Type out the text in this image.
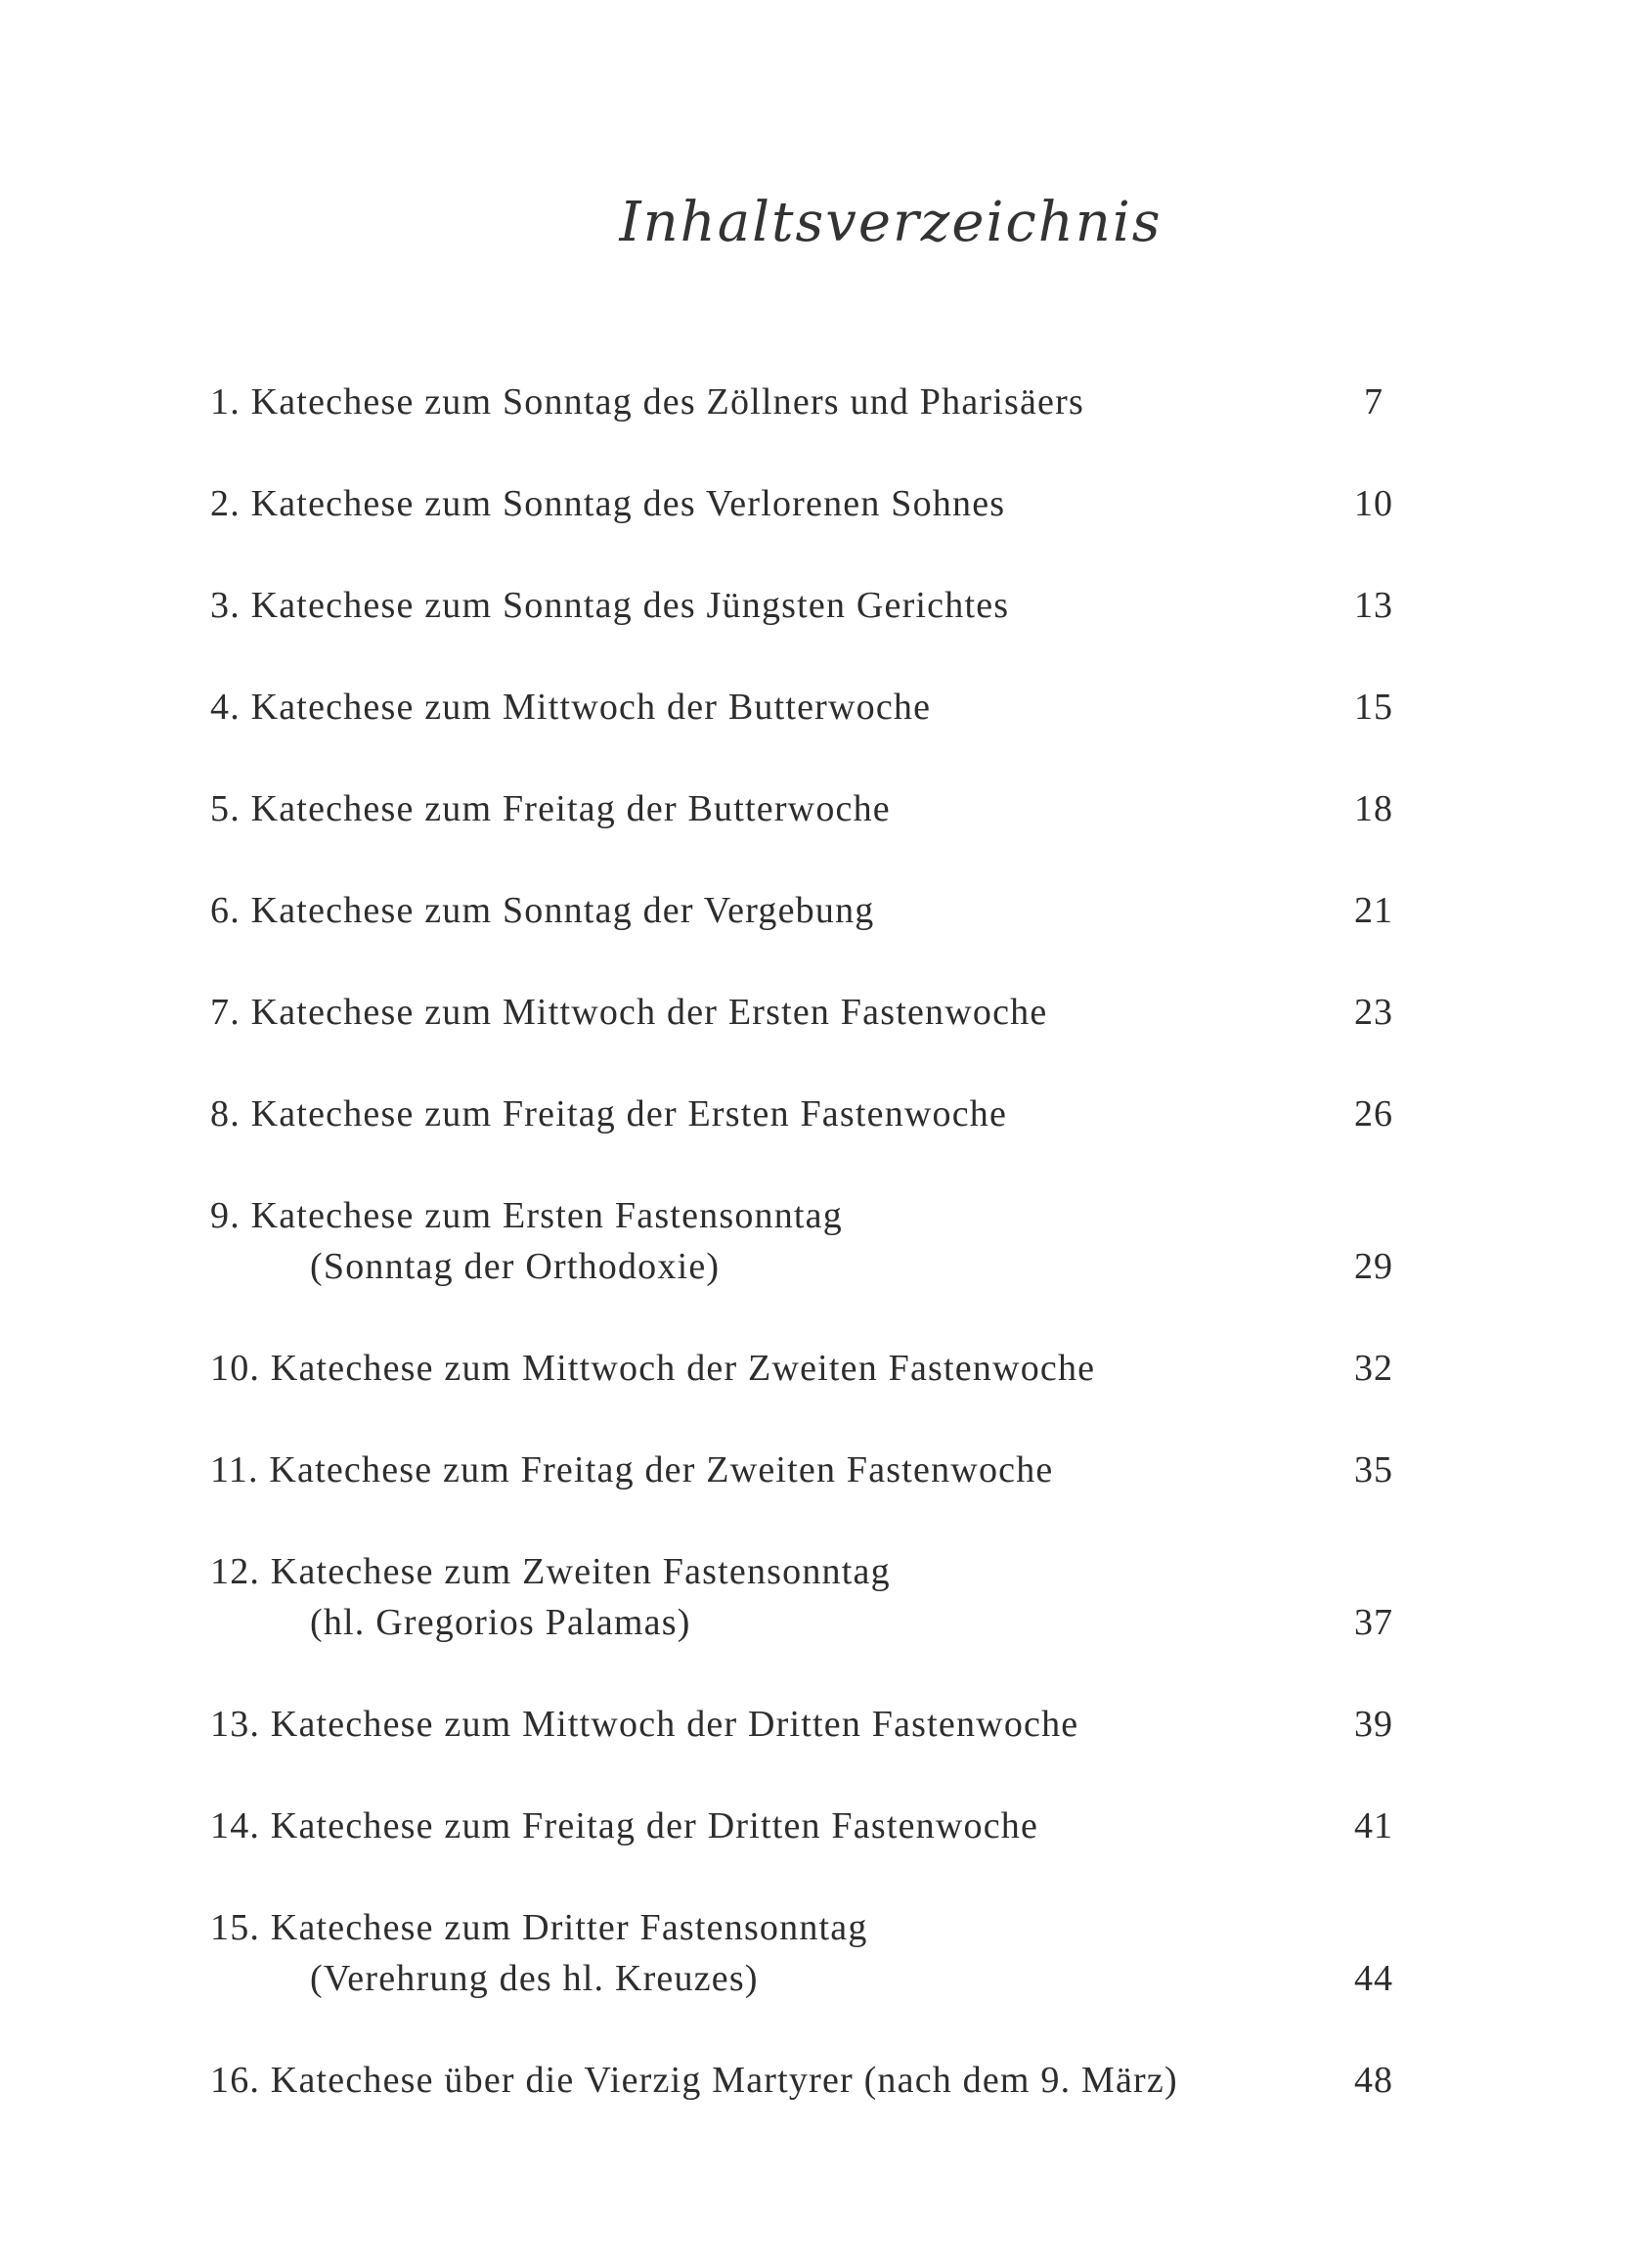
Inhaltsverzeichnis
1. Katechese zum Sonntag des Zöllners und Pharisäers	7
2. Katechese zum Sonntag des Verlorenen Sohnes	10
3. Katechese zum Sonntag des Jüngsten Gerichtes	13
4. Katechese zum Mittwoch der Butterwoche	15
5. Katechese zum Freitag der Butterwoche	18
6. Katechese zum Sonntag der Vergebung	21
7. Katechese zum Mittwoch der Ersten Fastenwoche	23
8. Katechese zum Freitag der Ersten Fastenwoche	26
9. Katechese zum Ersten Fastensonntag
(Sonntag der Orthodoxie)	29
10. Katechese zum Mittwoch der Zweiten Fastenwoche	32
11. Katechese zum Freitag der Zweiten Fastenwoche	35
12. Katechese zum Zweiten Fastensonntag
(hl. Gregorios Palamas)	37
13. Katechese zum Mittwoch der Dritten Fastenwoche	39
14. Katechese zum Freitag der Dritten Fastenwoche	41
15. Katechese zum Dritter Fastensonntag
(Verehrung des hl. Kreuzes)	44
16. Katechese über die Vierzig Martyrer (nach dem 9. März)	48
